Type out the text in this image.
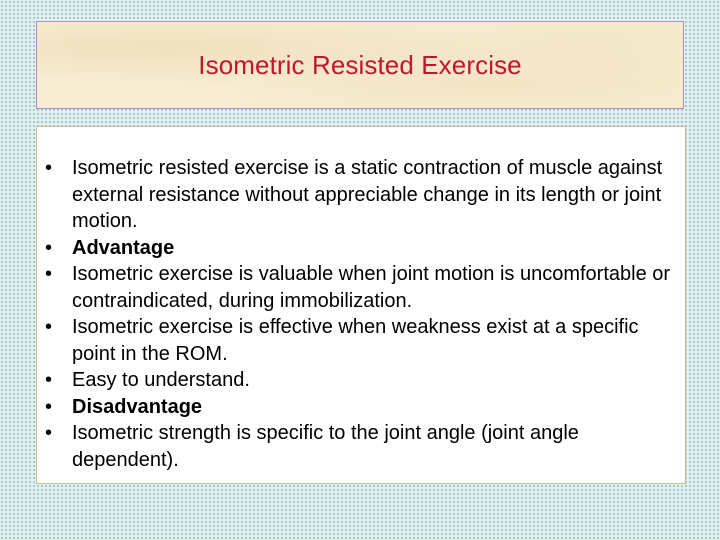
Isometric Resisted Exercise
• Isometric resisted exercise is a static contraction of muscle against external resistance without appreciable change in its length or joint motion.
• Advantage
• Isometric exercise is valuable when joint motion is uncomfortable or contraindicated, during immobilization.
• Isometric exercise is effective when weakness exist at a specific point in the ROM.
• Easy to understand.
• Disadvantage
• Isometric strength is specific to the joint angle (joint angle dependent).
